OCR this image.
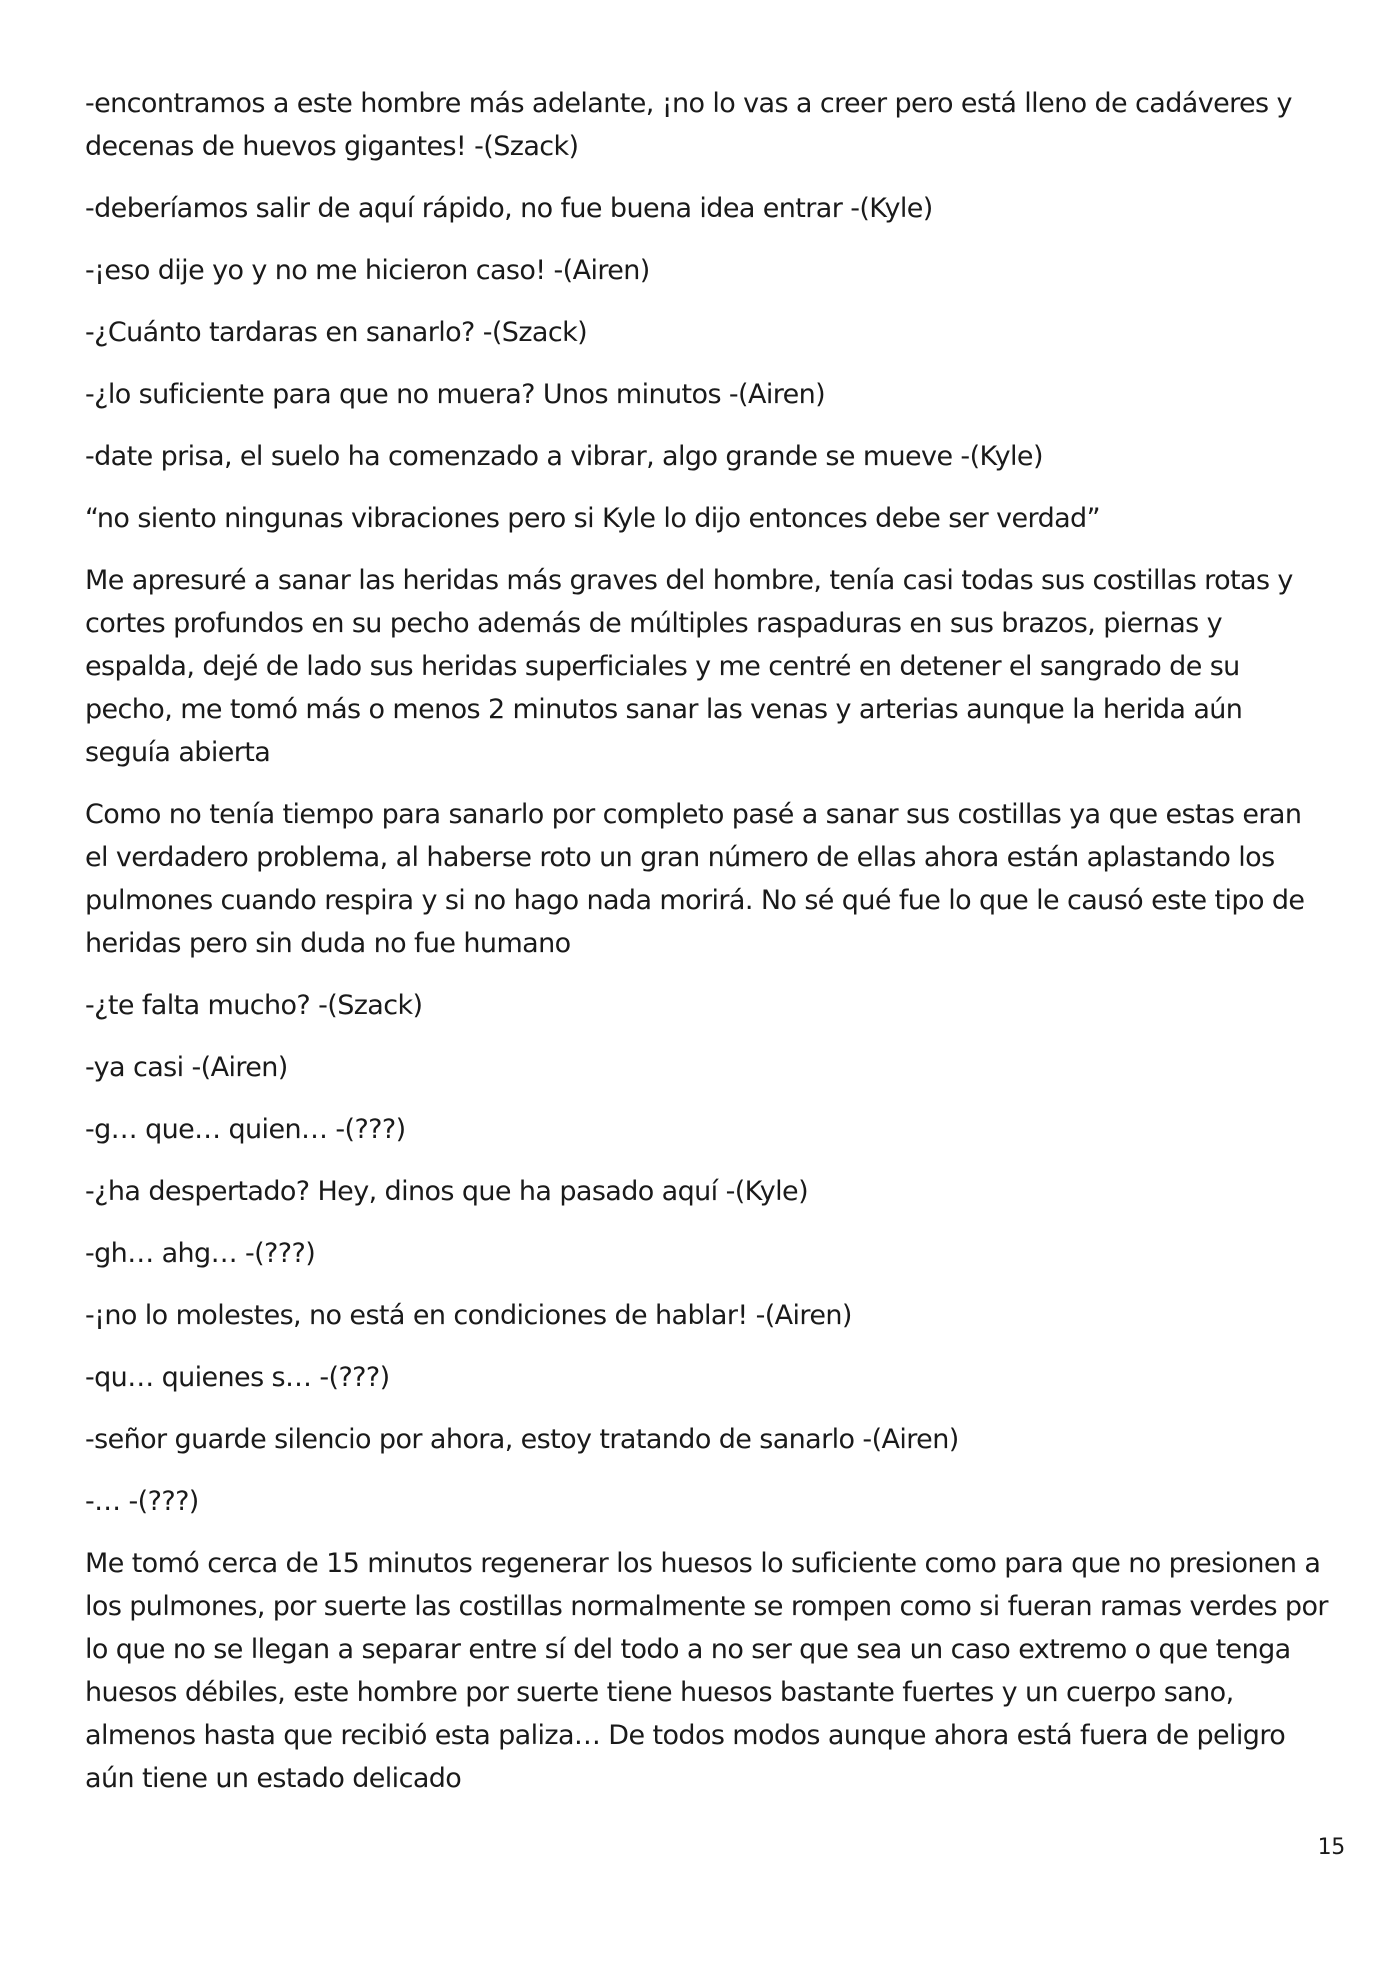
-encontramos a este hombre más adelante, ¡no lo vas a creer pero está lleno de cadáveres y decenas de huevos gigantes! -(Szack)

-deberíamos salir de aquí rápido, no fue buena idea entrar -(Kyle)

-¡eso dije yo y no me hicieron caso! -(Airen)

-¿Cuánto tardaras en sanarlo? -(Szack)

-¿lo suficiente para que no muera? Unos minutos -(Airen)

-date prisa, el suelo ha comenzado a vibrar, algo grande se mueve -(Kyle)

“no siento ningunas vibraciones pero si Kyle lo dijo entonces debe ser verdad”

Me apresuré a sanar las heridas más graves del hombre, tenía casi todas sus costillas rotas y cortes profundos en su pecho además de múltiples raspaduras en sus brazos, piernas y espalda, dejé de lado sus heridas superficiales y me centré en detener el sangrado de su pecho, me tomó más o menos 2 minutos sanar las venas y arterias aunque la herida aún seguía abierta

Como no tenía tiempo para sanarlo por completo pasé a sanar sus costillas ya que estas eran el verdadero problema, al haberse roto un gran número de ellas ahora están aplastando los pulmones cuando respira y si no hago nada morirá. No sé qué fue lo que le causó este tipo de heridas pero sin duda no fue humano

-¿te falta mucho? -(Szack)

-ya casi -(Airen)

-g… que… quien… -(???)

-¿ha despertado? Hey, dinos que ha pasado aquí -(Kyle)

-gh… ahg… -(???)

-¡no lo molestes, no está en condiciones de hablar! -(Airen)

-qu… quienes s… -(???)

-señor guarde silencio por ahora, estoy tratando de sanarlo -(Airen)

-… -(???)

Me tomó cerca de 15 minutos regenerar los huesos lo suficiente como para que no presionen a los pulmones, por suerte las costillas normalmente se rompen como si fueran ramas verdes por lo que no se llegan a separar entre sí del todo a no ser que sea un caso extremo o que tenga huesos débiles, este hombre por suerte tiene huesos bastante fuertes y un cuerpo sano, almenos hasta que recibió esta paliza… De todos modos aunque ahora está fuera de peligro aún tiene un estado delicado

15
